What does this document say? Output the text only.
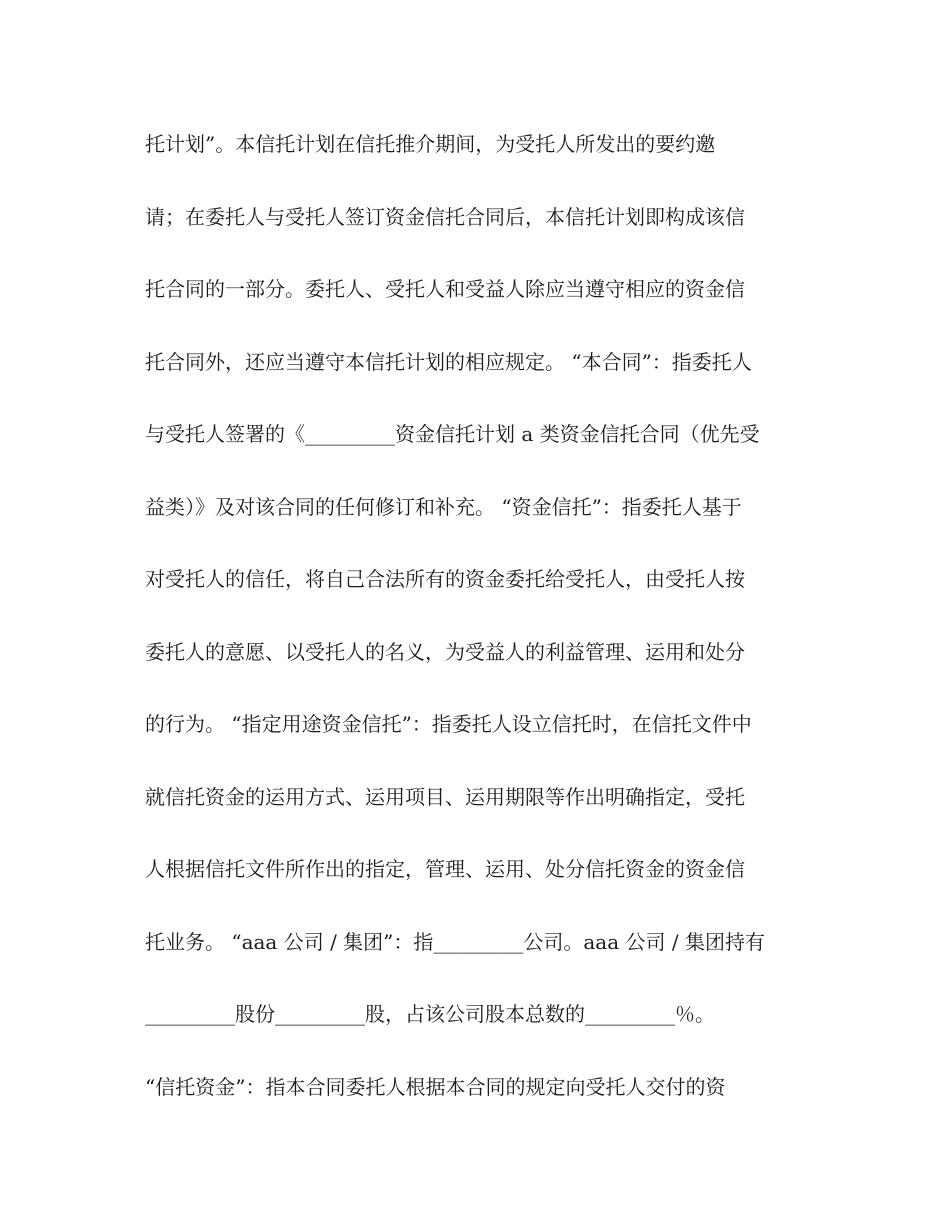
托计划”。本信托计划在信托推介期间，为受托人所发出的要约邀
请；在委托人与受托人签订资金信托合同后，本信托计划即构成该信
托合同的一部分。委托人、受托人和受益人除应当遵守相应的资金信
托合同外，还应当遵守本信托计划的相应规定。 “本合同”：指委托人
与受托人签署的《_________资金信托计划 a 类资金信托合同（优先受
益类）》及对该合同的任何修订和补充。 “资金信托”：指委托人基于
对受托人的信任，将自己合法所有的资金委托给受托人，由受托人按
委托人的意愿、以受托人的名义，为受益人的利益管理、运用和处分
的行为。 “指定用途资金信托”：指委托人设立信托时，在信托文件中
就信托资金的运用方式、运用项目、运用期限等作出明确指定，受托
人根据信托文件所作出的指定，管理、运用、处分信托资金的资金信
托业务。 “aaa 公司 / 集团”：指_________公司。aaa 公司 / 集团持有
_________股份_________股，占该公司股本总数的_________％。
“信托资金”：指本合同委托人根据本合同的规定向受托人交付的资
